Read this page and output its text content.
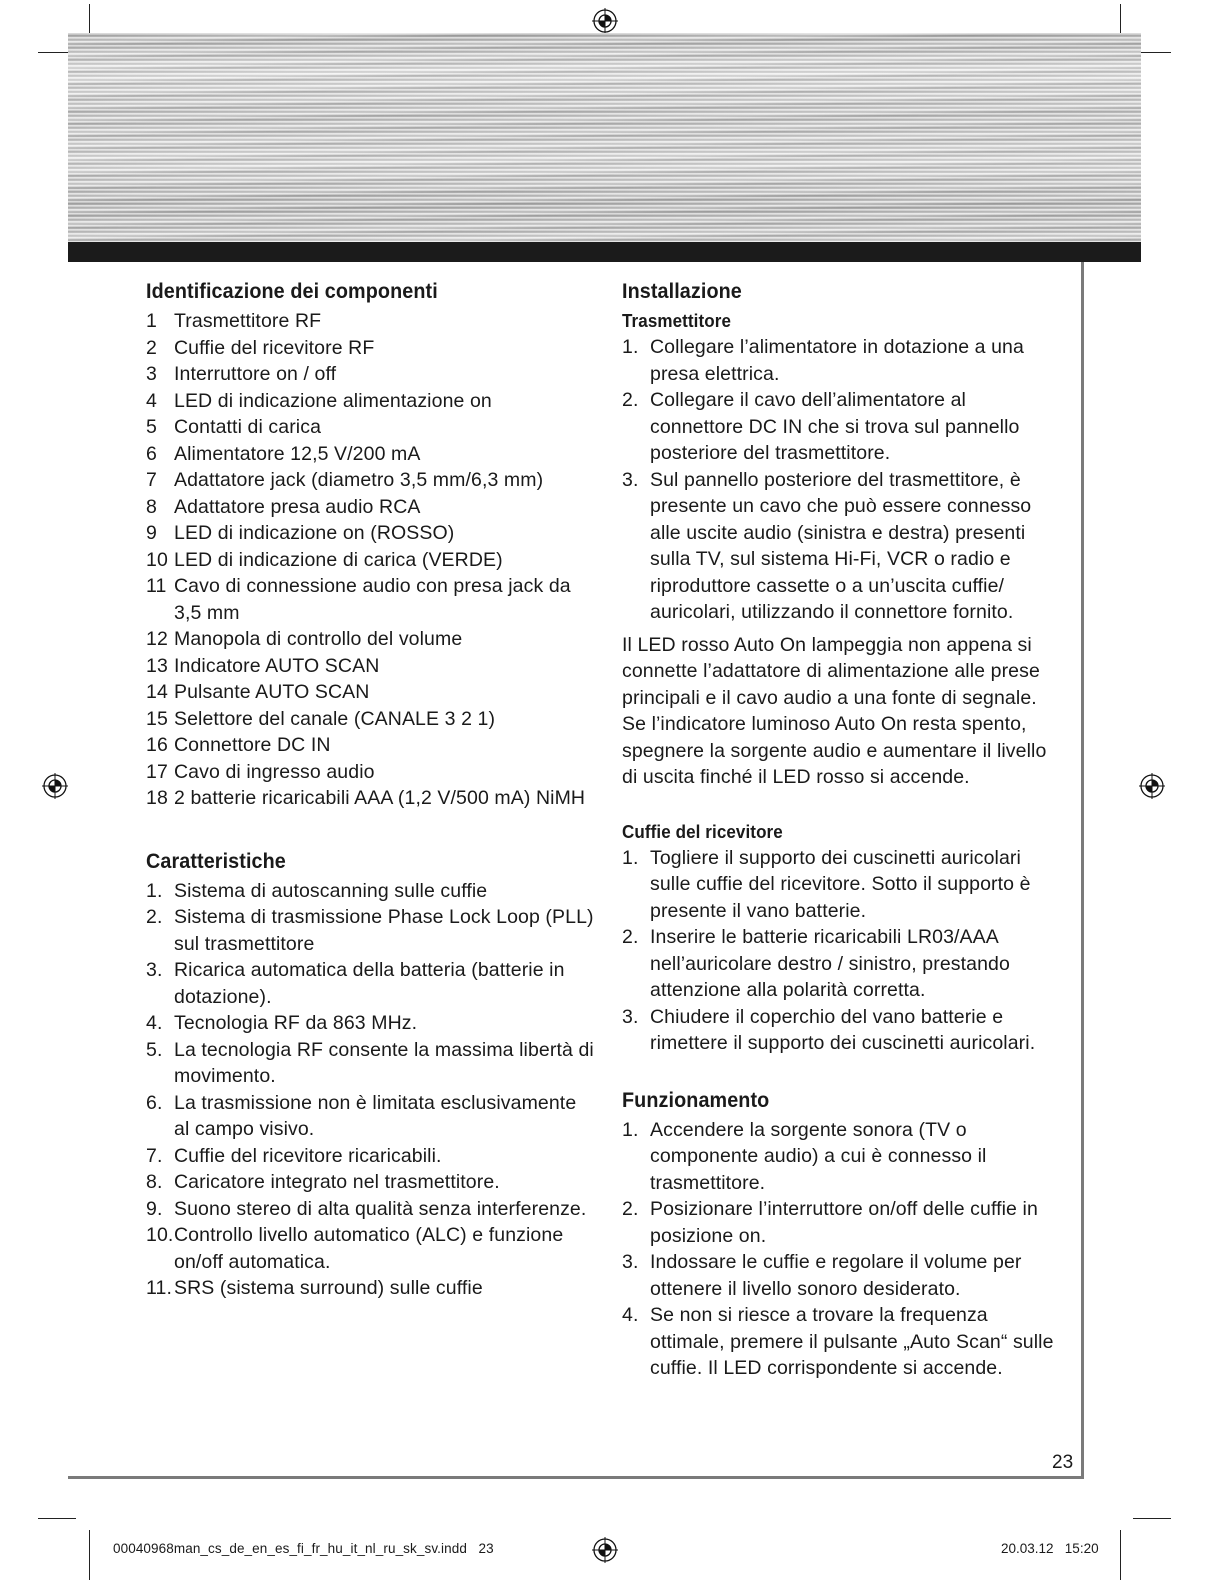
Identificazione dei componenti
1 Trasmettitore RF
2 Cuffie del ricevitore RF
3 Interruttore on / off
4 LED di indicazione alimentazione on
5 Contatti di carica
6 Alimentatore 12,5 V/200 mA
7 Adattatore jack (diametro 3,5 mm/6,3 mm)
8 Adattatore presa audio RCA
9 LED di indicazione on (ROSSO)
10 LED di indicazione di carica (VERDE)
11 Cavo di connessione audio con presa jack da 3,5 mm
12 Manopola di controllo del volume
13 Indicatore AUTO SCAN
14 Pulsante AUTO SCAN
15 Selettore del canale (CANALE 3 2 1)
16 Connettore DC IN
17 Cavo di ingresso audio
18 2 batterie ricaricabili AAA (1,2 V/500 mA) NiMH
Caratteristiche
1. Sistema di autoscanning sulle cuffie
2. Sistema di trasmissione Phase Lock Loop (PLL) sul trasmettitore
3. Ricarica automatica della batteria (batterie in dotazione).
4. Tecnologia RF da 863 MHz.
5. La tecnologia RF consente la massima libertà di movimento.
6. La trasmissione non è limitata esclusivamente al campo visivo.
7. Cuffie del ricevitore ricaricabili.
8. Caricatore integrato nel trasmettitore.
9. Suono stereo di alta qualità senza interferenze.
10. Controllo livello automatico (ALC) e funzione on/off automatica.
11. SRS (sistema surround) sulle cuffie
Installazione
Trasmettitore
1. Collegare l’alimentatore in dotazione a una presa elettrica.
2. Collegare il cavo dell’alimentatore al connettore DC IN che si trova sul pannello posteriore del trasmettitore.
3. Sul pannello posteriore del trasmettitore, è presente un cavo che può essere connesso alle uscite audio (sinistra e destra) presenti sulla TV, sul sistema Hi-Fi, VCR o radio e riproduttore cassette o a un’uscita cuffie/ auricolari, utilizzando il connettore fornito.

Il LED rosso Auto On lampeggia non appena si connette l’adattatore di alimentazione alle prese principali e il cavo audio a una fonte di segnale. Se l’indicatore luminoso Auto On resta spento, spegnere la sorgente audio e aumentare il livello di uscita finché il LED rosso si accende.

Cuffie del ricevitore
1. Togliere il supporto dei cuscinetti auricolari sulle cuffie del ricevitore. Sotto il supporto è presente il vano batterie.
2. Inserire le batterie ricaricabili LR03/AAA nell’auricolare destro / sinistro, prestando attenzione alla polarità corretta.
3. Chiudere il coperchio del vano batterie e rimettere il supporto dei cuscinetti auricolari.
Funzionamento
1. Accendere la sorgente sonora (TV o componente audio) a cui è connesso il trasmettitore.
2. Posizionare l’interruttore on/off delle cuffie in posizione on.
3. Indossare le cuffie e regolare il volume per ottenere il livello sonoro desiderato.
4. Se non si riesce a trovare la frequenza ottimale, premere il pulsante „Auto Scan“ sulle cuffie. Il LED corrispondente si accende.
23
00040968man_cs_de_en_es_fi_fr_hu_it_nl_ru_sk_sv.indd   23	20.03.12   15:20
